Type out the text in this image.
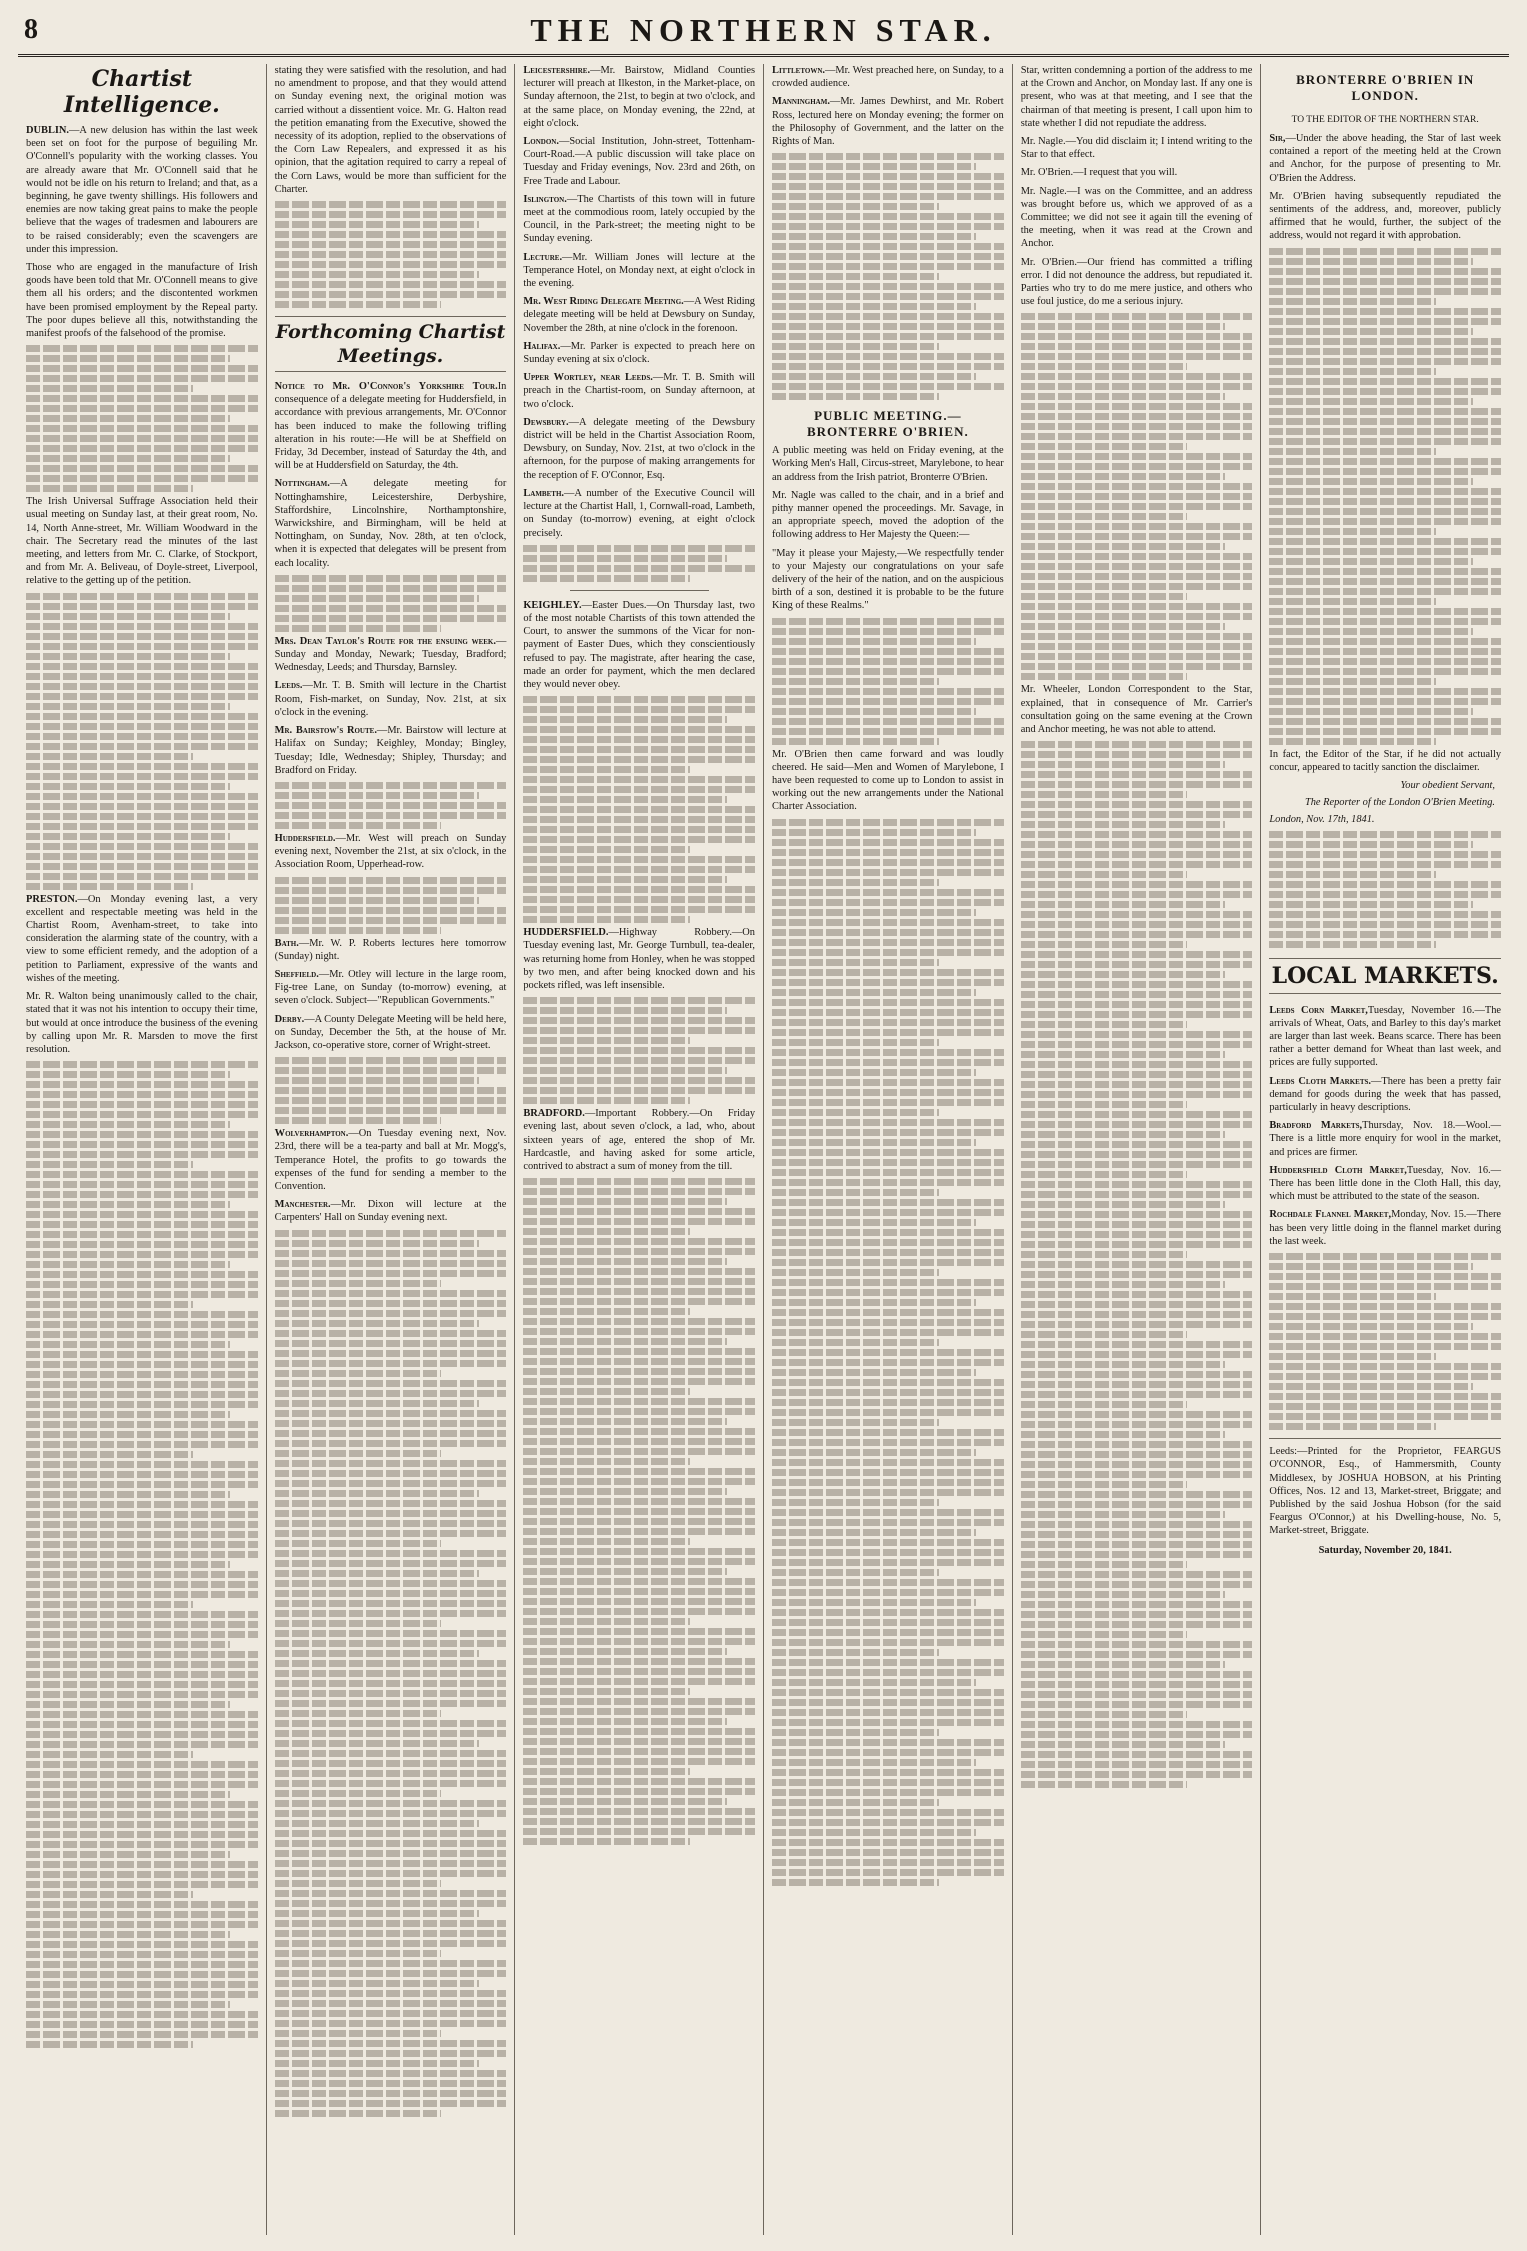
8	THE NORTHERN STAR.
Chartist Intelligence.

DUBLIN.—A new delusion has within the last week been set on foot for the purpose of beguiling Mr. O'Connell's popularity with the working classes. You are already aware that Mr. O'Connell said that he would not be idle on his return to Ireland; and that, as a beginning, he gave twenty shillings. His followers and enemies are now taking great pains to make the people believe that the wages of tradesmen and labourers are to be raised considerably; even the scavengers are under this impression.

Those who are engaged in the manufacture of Irish goods have been told that Mr. O'Connell means to give them all his orders; and the discontented workmen have been promised employment by the Repeal party. The poor dupes believe all this, notwithstanding the manifest proofs of the falsehood of the promise.

The Irish Universal Suffrage Association held their usual meeting on Sunday last, at their great room, No. 14, North Anne-street, Mr. William Woodward in the chair. The Secretary read the minutes of the last meeting, and letters from Mr. C. Clarke, of Stockport, and from Mr. A. Beliveau, of Doyle-street, Liverpool, relative to the getting up of the petition.

PRESTON.—On Monday evening last, a very excellent and respectable meeting was held in the Chartist Room, Avenham-street, to take into consideration the alarming state of the country, with a view to some efficient remedy, and the adoption of a petition to Parliament, expressive of the wants and wishes of the meeting.

Mr. R. Walton being unanimously called to the chair, stated that it was not his intention to occupy their time, but would at once introduce the business of the evening by calling upon Mr. R. Marsden to move the first resolution.

stating they were satisfied with the resolution, and had no amendment to propose, and that they would attend on Sunday evening next, the original motion was carried without a dissentient voice. Mr. G. Halton read the petition emanating from the Executive, showed the necessity of its adoption, replied to the observations of the Corn Law Repealers, and expressed it as his opinion, that the agitation required to carry a repeal of the Corn Laws, would be more than sufficient for the Charter.

Forthcoming Chartist Meetings.

Notice to Mr. O'Connor's Yorkshire Tour.In consequence of a delegate meeting for Huddersfield, in accordance with previous arrangements, Mr. O'Connor has been induced to make the following trifling alteration in his route:—He will be at Sheffield on Friday, 3d December, instead of Saturday the 4th, and will be at Huddersfield on Saturday, the 4th.

Nottingham.—A delegate meeting for Nottinghamshire, Leicestershire, Derbyshire, Staffordshire, Lincolnshire, Northamptonshire, Warwickshire, and Birmingham, will be held at Nottingham, on Sunday, Nov. 28th, at ten o'clock, when it is expected that delegates will be present from each locality.

Mrs. Dean Taylor's Route for the ensuing week.—Sunday and Monday, Newark; Tuesday, Bradford; Wednesday, Leeds; and Thursday, Barnsley.

Leeds.—Mr. T. B. Smith will lecture in the Chartist Room, Fish-market, on Sunday, Nov. 21st, at six o'clock in the evening.

Mr. Bairstow's Route.—Mr. Bairstow will lecture at Halifax on Sunday; Keighley, Monday; Bingley, Tuesday; Idle, Wednesday; Shipley, Thursday; and Bradford on Friday.

Huddersfield.—Mr. West will preach on Sunday evening next, November the 21st, at six o'clock, in the Association Room, Upperhead-row.

Bath.—Mr. W. P. Roberts lectures here tomorrow (Sunday) night.

Sheffield.—Mr. Otley will lecture in the large room, Fig-tree Lane, on Sunday (to-morrow) evening, at seven o'clock. Subject—"Republican Governments."

Derby.—A County Delegate Meeting will be held here, on Sunday, December the 5th, at the house of Mr. Jackson, co-operative store, corner of Wright-street.

Wolverhampton.—On Tuesday evening next, Nov. 23rd, there will be a tea-party and ball at Mr. Mogg's, Temperance Hotel, the profits to go towards the expenses of the fund for sending a member to the Convention.

Manchester.—Mr. Dixon will lecture at the Carpenters' Hall on Sunday evening next.

Leicestershire.—Mr. Bairstow, Midland Counties lecturer will preach at Ilkeston, in the Market-place, on Sunday afternoon, the 21st, to begin at two o'clock, and at the same place, on Monday evening, the 22nd, at eight o'clock.

London.—Social Institution, John-street, Tottenham-Court-Road.—A public discussion will take place on Tuesday and Friday evenings, Nov. 23rd and 26th, on Free Trade and Labour.

Islington.—The Chartists of this town will in future meet at the commodious room, lately occupied by the Council, in the Park-street; the meeting night to be Sunday evening.

Lecture.—Mr. William Jones will lecture at the Temperance Hotel, on Monday next, at eight o'clock in the evening.

Mr. West Riding Delegate Meeting.—A West Riding delegate meeting will be held at Dewsbury on Sunday, November the 28th, at nine o'clock in the forenoon.

Halifax.—Mr. Parker is expected to preach here on Sunday evening at six o'clock.

Upper Wortley, near Leeds.—Mr. T. B. Smith will preach in the Chartist-room, on Sunday afternoon, at two o'clock.

Dewsbury.—A delegate meeting of the Dewsbury district will be held in the Chartist Association Room, Dewsbury, on Sunday, Nov. 21st, at two o'clock in the afternoon, for the purpose of making arrangements for the reception of F. O'Connor, Esq.

Lambeth.—A number of the Executive Council will lecture at the Chartist Hall, 1, Cornwall-road, Lambeth, on Sunday (to-morrow) evening, at eight o'clock precisely.

KEIGHLEY.—Easter Dues.—On Thursday last, two of the most notable Chartists of this town attended the Court, to answer the summons of the Vicar for non-payment of Easter Dues, which they conscientiously refused to pay. The magistrate, after hearing the case, made an order for payment, which the men declared they would never obey.

HUDDERSFIELD.—Highway Robbery.—On Tuesday evening last, Mr. George Turnbull, tea-dealer, was returning home from Honley, when he was stopped by two men, and after being knocked down and his pockets rifled, was left insensible.

BRADFORD.—Important Robbery.—On Friday evening last, about seven o'clock, a lad, who, about sixteen years of age, entered the shop of Mr. Hardcastle, and having asked for some article, contrived to abstract a sum of money from the till.

Littletown.—Mr. West preached here, on Sunday, to a crowded audience.

Manningham.—Mr. James Dewhirst, and Mr. Robert Ross, lectured here on Monday evening; the former on the Philosophy of Government, and the latter on the Rights of Man.

PUBLIC MEETING.—BRONTERRE O'BRIEN.

A public meeting was held on Friday evening, at the Working Men's Hall, Circus-street, Marylebone, to hear an address from the Irish patriot, Bronterre O'Brien.

Mr. Nagle was called to the chair, and in a brief and pithy manner opened the proceedings. Mr. Savage, in an appropriate speech, moved the adoption of the following address to Her Majesty the Queen:—

"May it please your Majesty,—We respectfully tender to your Majesty our congratulations on your safe delivery of the heir of the nation, and on the auspicious birth of a son, destined it is probable to be the future King of these Realms."

Mr. O'Brien then came forward and was loudly cheered. He said—Men and Women of Marylebone, I have been requested to come up to London to assist in working out the new arrangements under the National Charter Association.

Star, written condemning a portion of the address to me at the Crown and Anchor, on Monday last. If any one is present, who was at that meeting, and I see that the chairman of that meeting is present, I call upon him to state whether I did not repudiate the address.

Mr. Nagle.—You did disclaim it; I intend writing to the Star to that effect.

Mr. O'Brien.—I request that you will.

Mr. Nagle.—I was on the Committee, and an address was brought before us, which we approved of as a Committee; we did not see it again till the evening of the meeting, when it was read at the Crown and Anchor.

Mr. O'Brien.—Our friend has committed a trifling error. I did not denounce the address, but repudiated it. Parties who try to do me mere justice, and others who use foul justice, do me a serious injury.

Mr. Wheeler, London Correspondent to the Star, explained, that in consequence of Mr. Carrier's consultation going on the same evening at the Crown and Anchor meeting, he was not able to attend.

BRONTERRE O'BRIEN IN LONDON.
TO THE EDITOR OF THE NORTHERN STAR.

Sir,—Under the above heading, the Star of last week contained a report of the meeting held at the Crown and Anchor, for the purpose of presenting to Mr. O'Brien the Address.

Mr. O'Brien having subsequently repudiated the sentiments of the address, and, moreover, publicly affirmed that he would, further, the subject of the address, would not regard it with approbation.

In fact, the Editor of the Star, if he did not actually concur, appeared to tacitly sanction the disclaimer.

Your obedient Servant,
The Reporter of the London O'Brien Meeting.
London, Nov. 17th, 1841.
LOCAL MARKETS.

Leeds Corn Market,Tuesday, November 16.—The arrivals of Wheat, Oats, and Barley to this day's market are larger than last week. Beans scarce. There has been rather a better demand for Wheat than last week, and prices are fully supported.

Leeds Cloth Markets.—There has been a pretty fair demand for goods during the week that has passed, particularly in heavy descriptions.

Bradford Markets,Thursday, Nov. 18.—Wool.—There is a little more enquiry for wool in the market, and prices are firmer.

Huddersfield Cloth Market,Tuesday, Nov. 16.—There has been little done in the Cloth Hall, this day, which must be attributed to the state of the season.

Rochdale Flannel Market,Monday, Nov. 15.—There has been very little doing in the flannel market during the last week.

Leeds:—Printed for the Proprietor, FEARGUS O'CONNOR, Esq., of Hammersmith, County Middlesex, by JOSHUA HOBSON, at his Printing Offices, Nos. 12 and 13, Market-street, Briggate; and Published by the said Joshua Hobson (for the said Feargus O'Connor,) at his Dwelling-house, No. 5, Market-street, Briggate.
Saturday, November 20, 1841.
